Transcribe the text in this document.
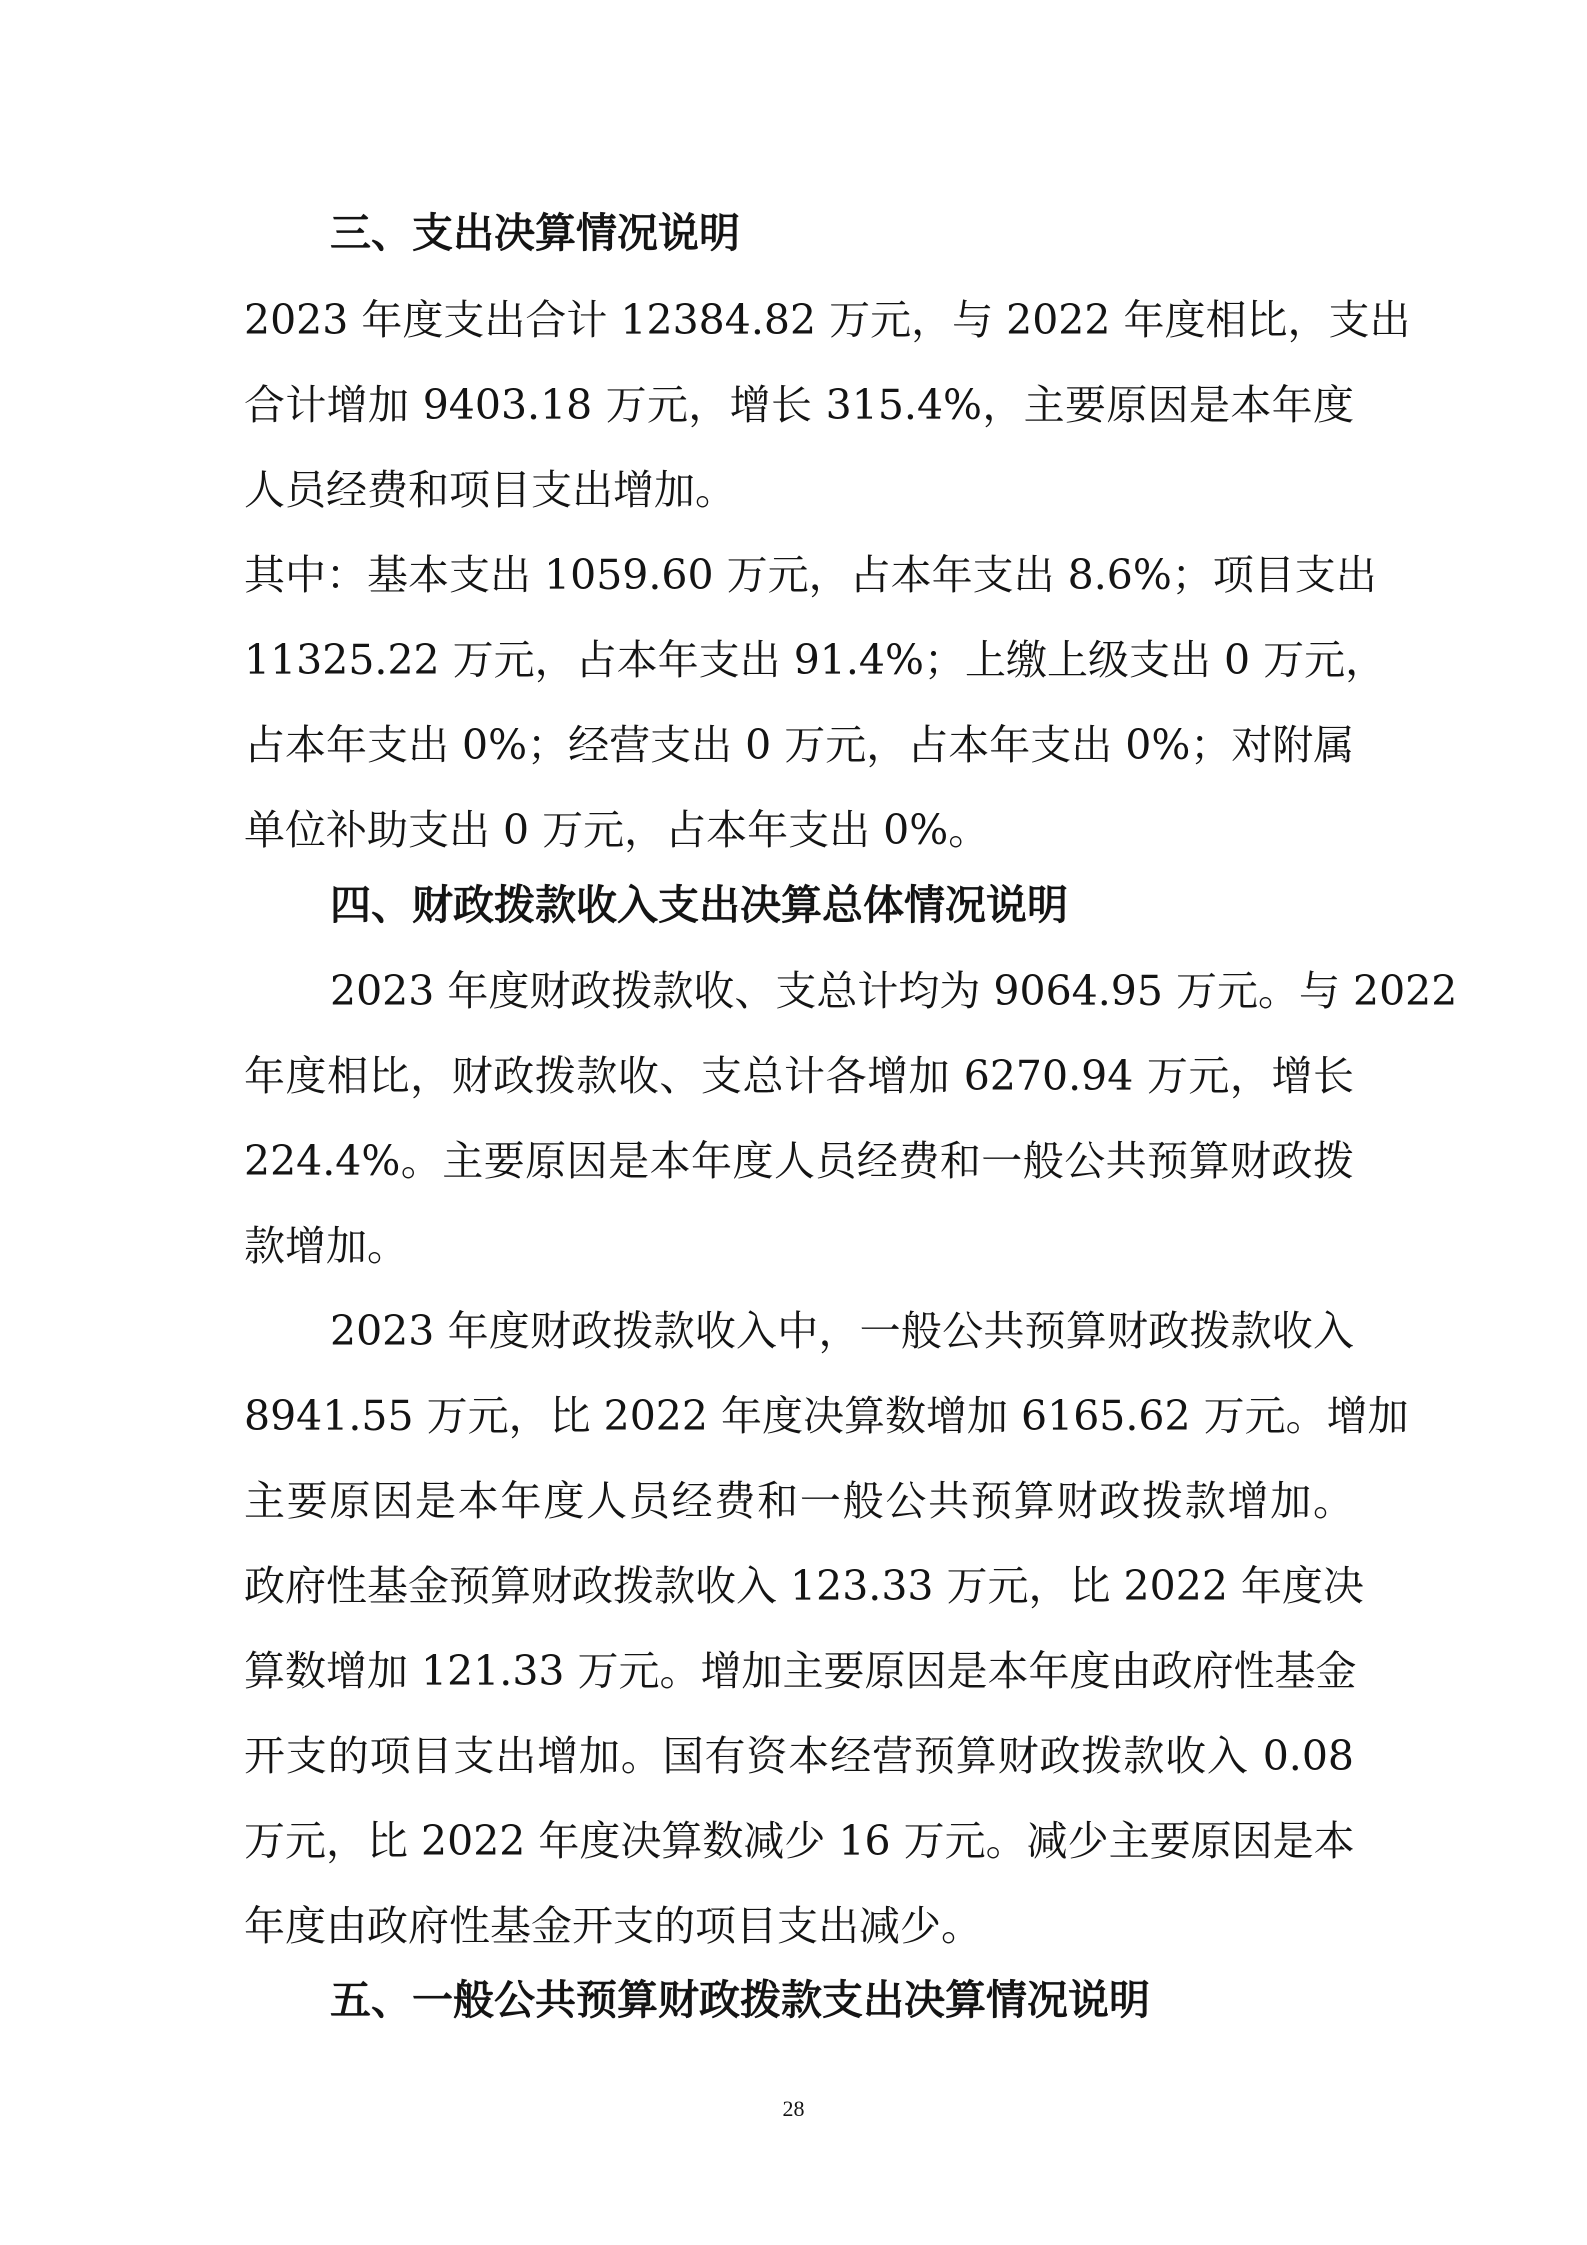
三、支出决算情况说明
2023 年度支出合计 12384.82 万元，与 2022 年度相比，支出
合计增加 9403.18 万元，增长 315.4%，主要原因是本年度
人员经费和项目支出增加。
其中：基本支出 1059.60 万元，占本年支出 8.6%；项目支出
11325.22 万元，占本年支出 91.4%；上缴上级支出 0 万元，
占本年支出 0%；经营支出 0 万元，占本年支出 0%；对附属
单位补助支出 0 万元，占本年支出 0%。
四、财政拨款收入支出决算总体情况说明
2023 年度财政拨款收、支总计均为 9064.95 万元。与 2022
年度相比，财政拨款收、支总计各增加 6270.94 万元，增长
224.4%。主要原因是本年度人员经费和一般公共预算财政拨
款增加。
2023 年度财政拨款收入中，一般公共预算财政拨款收入
8941.55 万元，比 2022 年度决算数增加 6165.62 万元。增加
主要原因是本年度人员经费和一般公共预算财政拨款增加。
政府性基金预算财政拨款收入 123.33 万元，比 2022 年度决
算数增加 121.33 万元。增加主要原因是本年度由政府性基金
开支的项目支出增加。国有资本经营预算财政拨款收入 0.08
万元，比 2022 年度决算数减少 16 万元。减少主要原因是本
年度由政府性基金开支的项目支出减少。
五、一般公共预算财政拨款支出决算情况说明
28
